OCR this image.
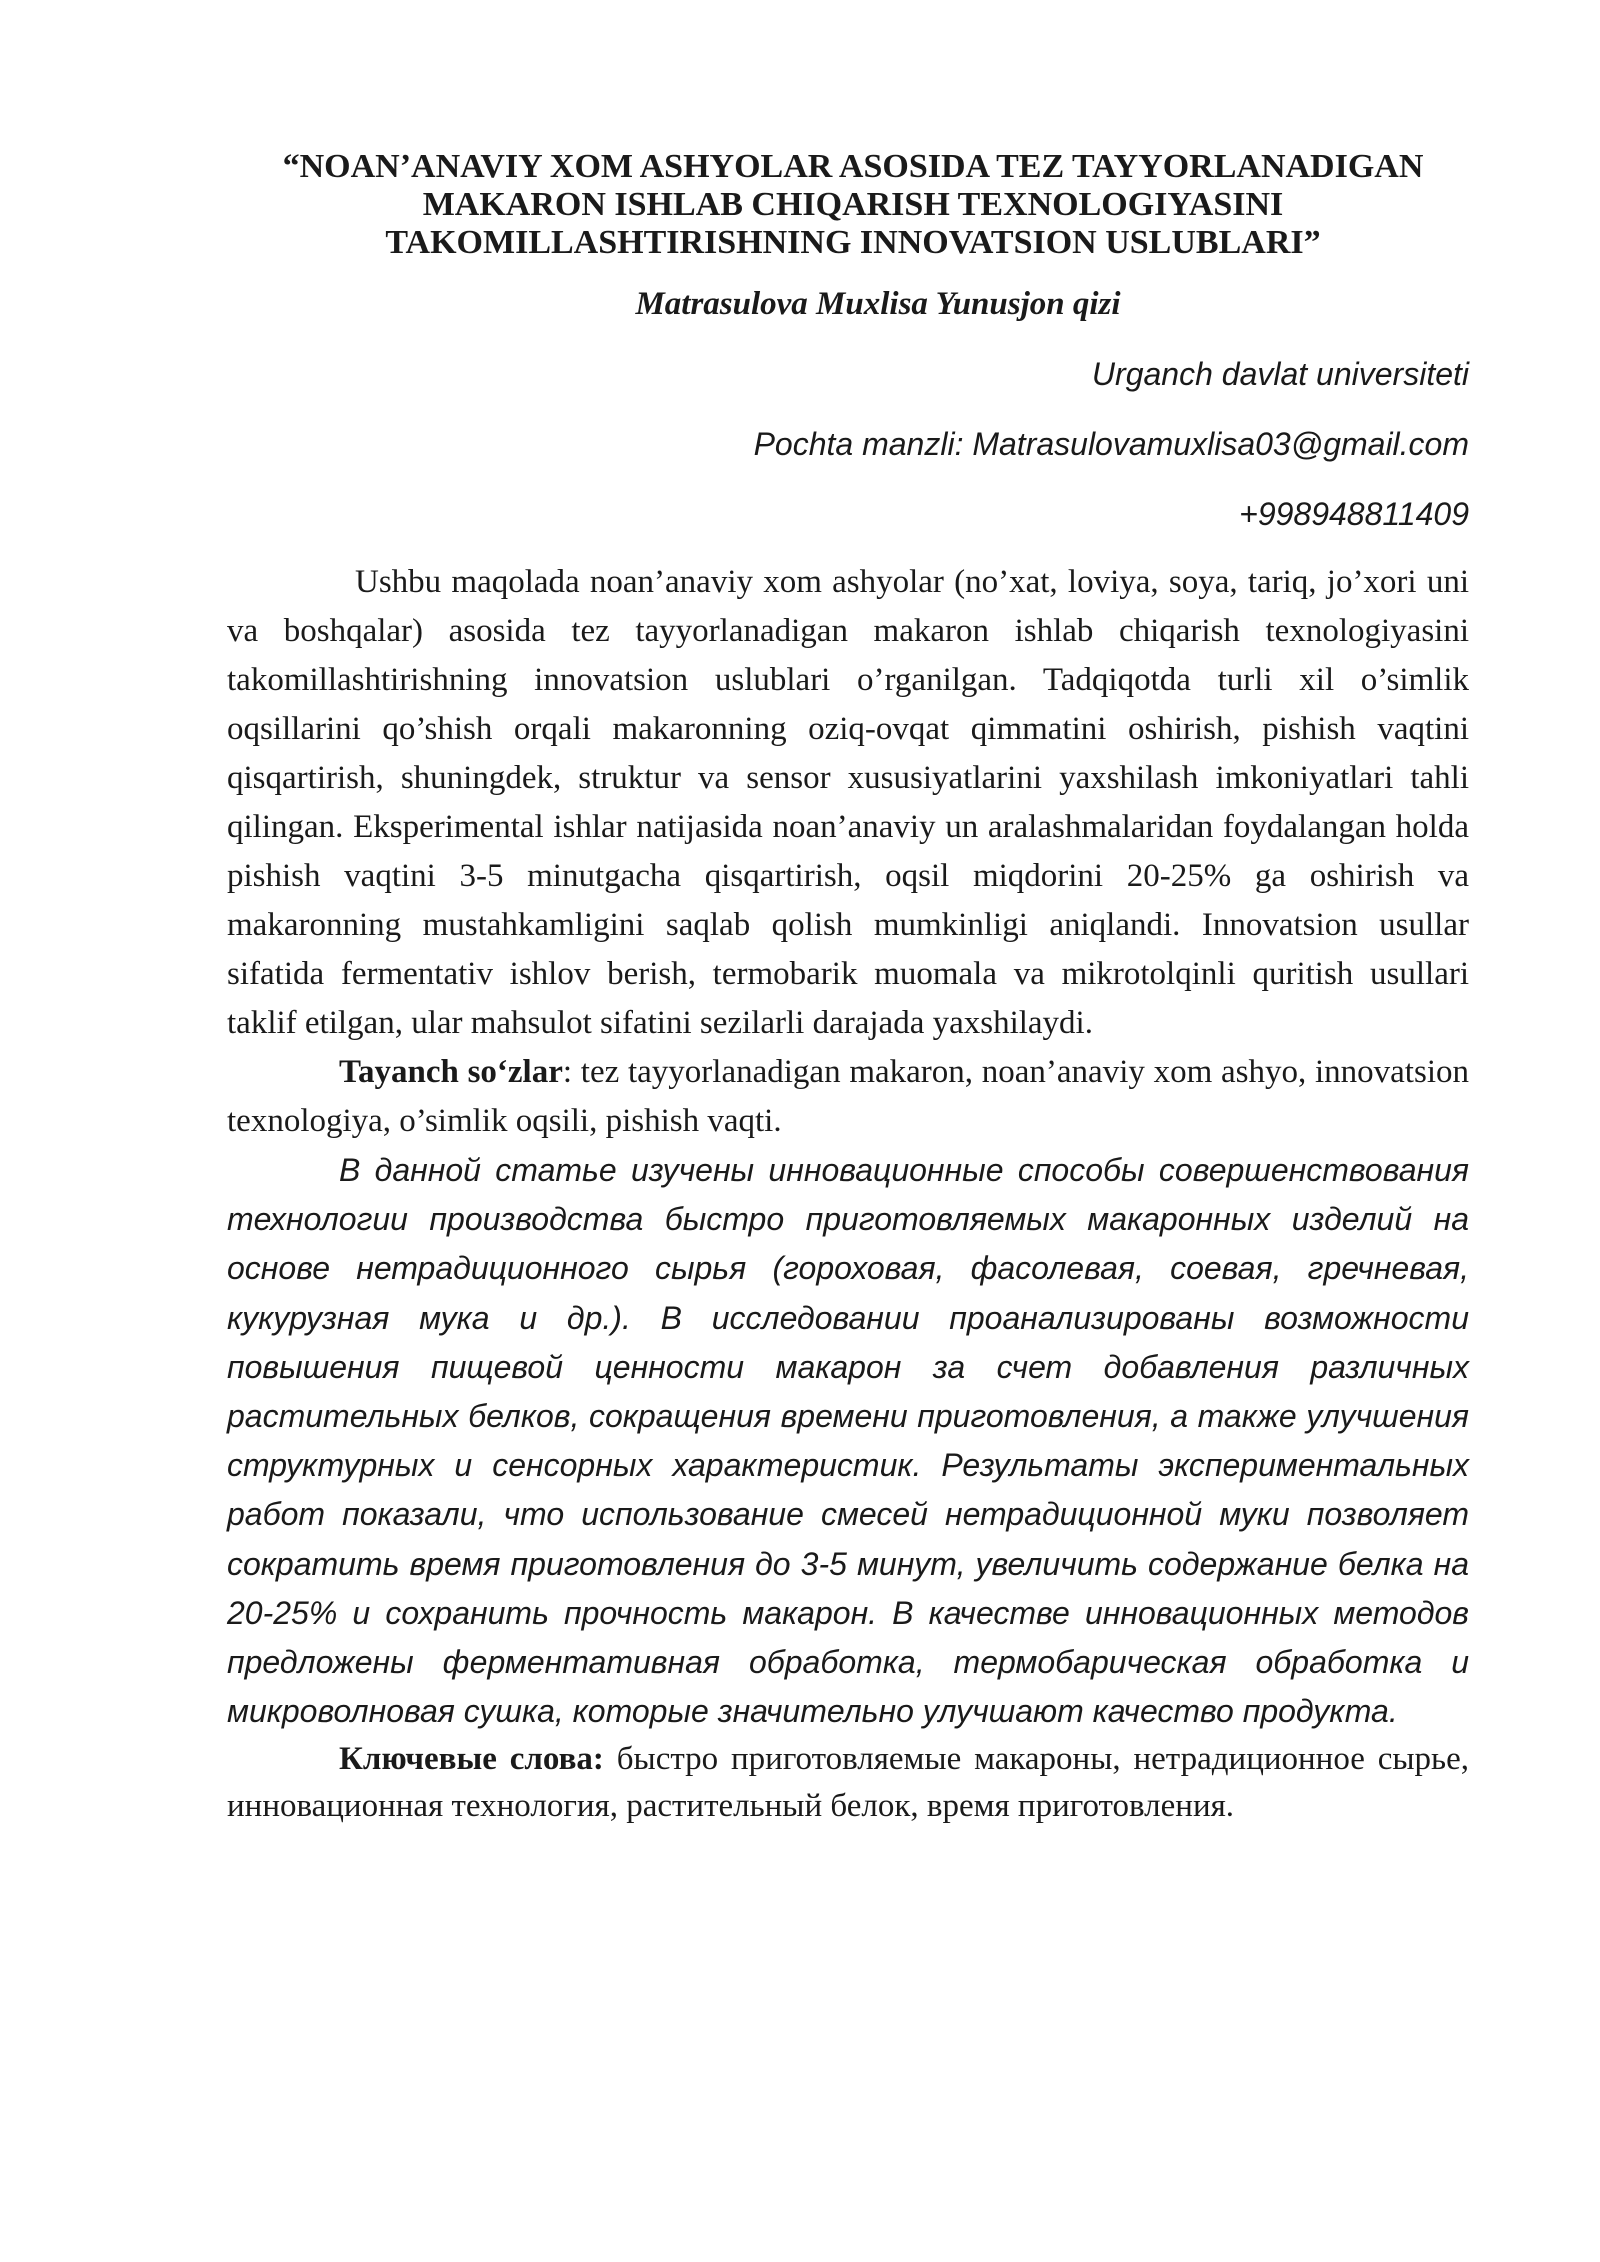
“NOAN’ANAVIY XOM ASHYOLAR ASOSIDA TEZ TAYYORLANADIGAN MAKARON ISHLAB CHIQARISH TEXNOLOGIYASINI TAKOMILLASHTIRISHNING INNOVATSION USLUBLARI”

Matrasulova Muxlisa Yunusjon qizi

Urganch davlat universiteti

Pochta manzli: Matrasulovamuxlisa03@gmail.com

+998948811409

Ushbu maqolada noan’anaviy xom ashyolar (no’xat, loviya, soya, tariq, jo’xori uni va boshqalar) asosida tez tayyorlanadigan makaron ishlab chiqarish texnologiyasini takomillashtirishning innovatsion uslublari o’rganilgan. Tadqiqotda turli xil o’simlik oqsillarini qo’shish orqali makaronning oziq-ovqat qimmatini oshirish, pishish vaqtini qisqartirish, shuningdek, struktur va sensor xususiyatlarini yaxshilash imkoniyatlari tahli qilingan. Eksperimental ishlar natijasida noan’anaviy un aralashmalaridan foydalangan holda pishish vaqtini 3-5 minutgacha qisqartirish, oqsil miqdorini 20-25% ga oshirish va makaronning mustahkamligini saqlab qolish mumkinligi aniqlandi. Innovatsion usullar sifatida fermentativ ishlov berish, termobarik muomala va mikrotolqinli quritish usullari taklif etilgan, ular mahsulot sifatini sezilarli darajada yaxshilaydi.

Tayanch so‘zlar: tez tayyorlanadigan makaron, noan’anaviy xom ashyo, innovatsion texnologiya, o’simlik oqsili, pishish vaqti.

В данной статье изучены инновационные способы совершенствования технологии производства быстро приготовляемых макаронных изделий на основе нетрадиционного сырья (гороховая, фасолевая, соевая, гречневая, кукурузная мука и др.). В исследовании проанализированы возможности повышения пищевой ценности макарон за счет добавления различных растительных белков, сокращения времени приготовления, а также улучшения структурных и сенсорных характеристик. Результаты экспериментальных работ показали, что использование смесей нетрадиционной муки позволяет сократить время приготовления до 3-5 минут, увеличить содержание белка на 20-25% и сохранить прочность макарон. В качестве инновационных методов предложены ферментативная обработка, термобарическая обработка и микроволновая сушка, которые значительно улучшают качество продукта.

Ключевые слова: быстро приготовляемые макароны, нетрадиционное сырье, инновационная технология, растительный белок, время приготовления.
